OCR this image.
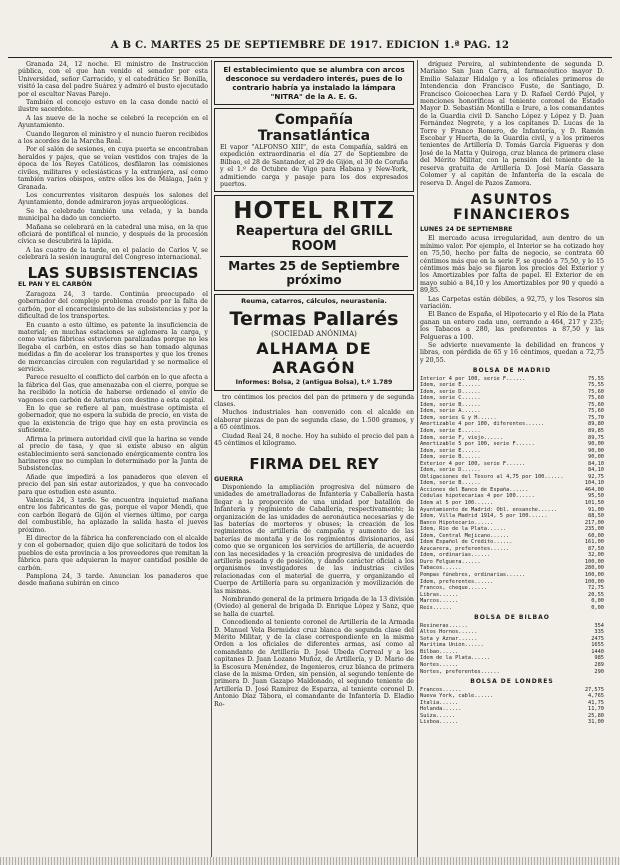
A B C. MARTES 25 DE SEPTIEMBRE DE 1917. EDICION 1.ª PAG. 12

Granada 24, 12 noche. El ministro de Instrucción pública, con el que han venido el senador por esta Universidad, señor Carracido, y el catedrático Sr. Bonilla, visitó la casa del padre Suárez y admiró el busto ejecutado por el escultor Navas Parejo.

También el concejo estuvo en la casa donde nació el ilustre sacerdote.

A las nueve de la noche se celebró la recepción en el Ayuntamiento.

Cuando llegaron el ministro y el nuncio fueron recibidos a los acordes de la Marcha Real.

Por el salón de sesiones, en cuya puerta se encontraban heraldos y pajes, que se veían vestidos con trajes de la época de los Reyes Católicos, desfilaron las comisiones civiles, militares y eclesiásticas y la extranjera, así como también varios obispos, entre ellos los de Málaga, Jaén y Granada.

Los concurrentes visitaron después los salones del Ayuntamiento, donde admiraron joyas arqueológicas.

Se ha celebrado también una velada, y la banda municipal ha dado un concierto.

Mañana se celebrará en la catedral una misa, en la que oficiará de pontifical el nuncio, y después de la procesión cívica se descubrirá la lápida.

A las cuatro de la tarde, en el palacio de Carlos V, se celebrará la sesión inaugural del Congreso internacional.

LAS SUBSISTENCIAS
EL PAN Y EL CARBÓN

Zaragoza 24, 3 tarde. Continúa preocupado el gobernador del complejo problema creado por la falta de carbón, por el encarecimiento de las subsistencias y por la dificultad de los transportes.

En cuanto a esto último, es patente la insuficiencia de material; en muchas estaciones se aglomera la carga, y como varias fábricas estuvieron paralizadas porque no les llegaba el carbón, en estos días se han tomado algunas medidas a fin de acelerar los transportes y que los trenes de mercancías circulen con regularidad y se normalice el servicio.

Parece resuelto el conflicto del carbón en lo que afecta a la fábrica del Gas, que amenazaba con el cierre, porque se ha recibido la noticia de haberse ordenado el envío de vagones con carbón de Asturias con destino a esta capital.

En lo que se refiere al pan, muéstrase optimista el gobernador, que no espera la subida de precio, en vista de que la existencia de trigo que hay en esta provincia es suficiente.

Afirma la primera autoridad civil que la harina se vende al precio de tasa, y que si existe abuso en algún establecimiento será sancionado enérgicamente contra los harineros que no cumplan lo determinado por la Junta de Subsistencias.

Añade que impedirá a los panaderos que eleven el precio del pan sin estar autorizados, y que ha convocado para que estudien este asunto.

Valencia 24, 3 tarde. Se encuentra inquietud mañana entre los fabricantes de gas, porque el vapor Mendi, que con carbón llegará de Gijón el viernes último, por carga del combustible, ha aplazado la salida hasta el jueves próximo.

El director de la fábrica ha conferenciado con el alcalde y con el gobernador, quien dijo que solicitará de todos los pueblos de esta provincia a los proveedores que remitan la fábrica para que adquieran la mayor cantidad posible de carbón.

Pamplona 24, 3 tarde. Anuncian los panaderos que desde mañana subirán en cinco

El establecimiento que se alumbra con arcos desconoce su verdadero interés, pues de lo contrario habría ya instalado la lámpara "NITRA" de la A. E. G.
Compañía Transatlántica
El vapor "ALFONSO XIII", de esta Compañía, saldrá en expedición extraordinaria el día 27 de Septiembre de Bilbao, el 28 de Santander, el 29 de Gijón, el 30 de Coruña y el 1.º de Octubre de Vigo para Habana y New-York, admitiendo carga y pasaje para los dos expresados puertos.
HOTEL RITZ
Reapertura del GRILL ROOM
Martes 25 de Septiembre próximo
Reuma, catarros, cálculos, neurastenia.
Termas Pallarés
(SOCIEDAD ANÓNIMA)
ALHAMA DE ARAGÓN
Informes: Bolsa, 2 (antigua Bolsa), t.º 1.789

tro céntimos los precios del pan de primera y de segunda clases.

Muchos industriales han convenido con el alcalde en elaborar piezas de pan de segunda clase, de 1.500 gramos, y a 65 céntimos.

Ciudad Real 24, 8 noche. Hoy ha subido el precio del pan a 45 céntimos el kilogramo.

FIRMA DEL REY
GUERRA

Disponiendo la ampliación progresiva del número de unidades de ametralladoras de Infantería y Caballería hasta llegar a la proporción de una unidad por batallón de Infantería y regimiento de Caballería, respectivamente; la organización de las unidades de aeronáutica necesarias y de las baterías de morteros y obuses; la creación de los regimientos de artillería de campaña y aumento de las baterías de montaña y de los regimientos divisionarios, así como que se organicen los servicios de artillería, de acuerdo con las necesidades y la creación progresiva de unidades de artillería pesada y de posición, y dando carácter oficial a los organismos investigadores de las industrias civiles relacionadas con el material de guerra, y organizando el Cuerpo de Artillería para su organización y movilización de las mismas.

Nombrando general de la primera brigada de la 13 división (Oviedo) al general de brigada D. Enrique López y Sanz, que se halla de cuartel.

Concediendo al teniente coronel de Artillería de la Armada D. Manuel Vela Bermúdez cruz blanca de segunda clase del Mérito Militar, y de la clase correspondiente en la misma Orden a los oficiales de diferentes armas, así como al comandante de Artillería D. José Ubeda Correal y a los capitanes D. Juan Lozano Muñoz, de Artillería, y D. Mario de la Escosura Menéndez, de Ingenieros, cruz blanca de primera clase de la misma Orden, sin pensión, al segundo teniente de primera D. Juan Gazapo Maldonado, el segundo teniente de Artillería D. José Ramírez de Esparza, al teniente coronel D. Antonio Díaz Tábora, el comandante de Infantería D. Eladio Ro-

dríguez Pereira, al subintendente de segunda D. Mariano San Juan Carra, al farmacéutico mayor D. Emilio Salazar Hidalgo y a los oficiales primeros de Intendencia don Francisco Fuste, de Santiago, D. Francisco Goicoechea Lara y D. Rafael Cerdó Pujol, y menciones honoríficas al teniente coronel de Estado Mayor D. Sebastián Montilla e Irure, a los comandantes de la Guardia civil D. Sancho López y López y D. Juan Fernández Negrete, y a los capitanes D. Lucas de la Torre y Franco Romero, de Infantería, y D. Ramón Escobar y Huerta, de la Guardia civil, y a los primeros tenientes de Artillería D. Tomás García Figueras y don José de la Matta y Quiroga, cruz blanca de primera clase del Mérito Militar, con la pensión del teniente de la reserva gratuita de Artillería D. José María Gassara Colomer y al capitán de Infantería de la escala de reserva D. Ángel de Pazos Zamora.

ASUNTOS
FINANCIEROS
LUNES 24 DE SEPTIEMBRE

El mercado acusa irregularidad, aun dentro de un mínimo valor. Por ejemplo, el Interior se ha cotizado hoy en 75,50, hecho por falta de negocio, se contrata 60 céntimos más que en la serie F, se quedó a 75,50, y lo 15 céntimos más bajo se fijaron los precios del Exterior y los Amortizables por falta de papel. El Exterior de en mayo subió a 84,10 y los Amortizables por 90 y quedó a 89,85.

Las Carpetas están débiles, a 92,75, y los Tesoros sin variación.

El Banco de España, el Hipotecario y el Río de la Plata ganan un entero cada uno, cerrando a 464, 217 y 235; los Tabacos a 280, las preferentes a 87,50 y las Felgueras a 100.

Se advierte nuevamente la debilidad en francos y libras, con pérdida de 65 y 16 céntimos, quedan a 72,75 y 20,55.

BOLSA DE MADRID
Interior 4 por 100, serie F......	75,55
Idem, serie E......	75,55
Idem, serie D......	75,60
Idem, serie C......	75,60
Idem, serie B......	75,60
Idem, serie A......	75,60
Idem, series G y H......	75,70
Amortizable 4 por 100, diferentes......	89,80
Idem, serie E......	89,85
Idem, serie F, viejo......	89,75
Amortizable 5 por 100, serie F......	90,00
Idem, serie E......	90,00
Idem, serie B......	90,00
Exterior 4 por 100, serie F......	84,10
Idem, serie D......	84,10
Obligaciones del Tesoro al 4,75 por 100......	92,75
Idem, serie B......	104,10
Acciones del Banco de España......	464,00
Cédulas hipotecarias 4 por 100......	95,50
Idem al 5 por 100......	101,50
Ayuntamiento de Madrid: Obl. ensanche......	91,00
Idem, Villa Madrid 1914, 5 por 100......	88,50
Banco Hipotecario......	217,00
Idem, Río de la Plata......	235,00
Idem, Central Mejicano......	60,00
Idem Español de Crédito......	161,00
Azucarera, preferentes......	87,50
Idem, ordinarias......	32,00
Duro Felguera......	100,00
Tabacos......	280,00
Pompas fúnebres, ordinarias......	100,00
Idem, preferentes......	100,00
Francos, cheque......	72,75
Libras......	20,55
Marcos......	0,00
Reis......	0,00
BOLSA DE BILBAO
Resineras......	354
Altos Hornos......	335
Sota y Aznar......	2475
Marítima Unión......	1655
Bilbao......	1440
Idem de la Plata......	985
Nortes......	289
Nortes, preferentes......	290
BOLSA DE LONDRES
Francos......	27,575
Nueva York, cable......	4,765
Italia......	41,75
Holanda......	11,70
Suiza......	25,80
Lisboa......	31,00
